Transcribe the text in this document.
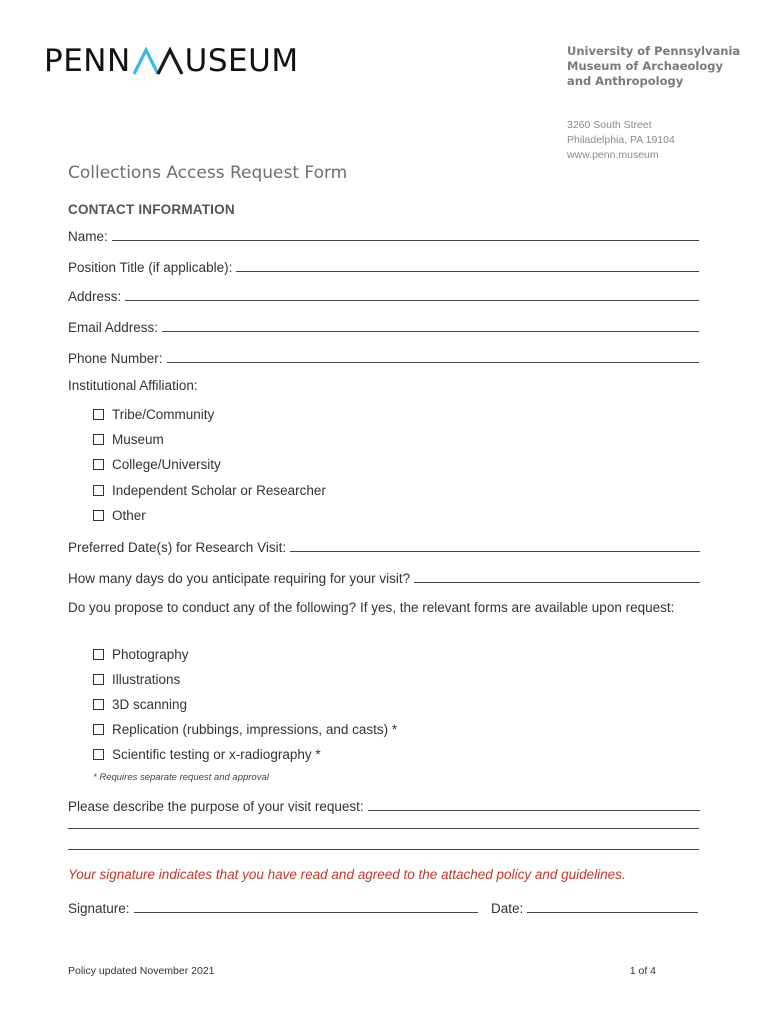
PENN USEUM	University of Pennsylvania
Museum of Archaeology
and Anthropology
3260 South Street
Philadelphia, PA 19104
www.penn.museum
Collections Access Request Form
CONTACT INFORMATION
Name:
Position Title (if applicable):
Address:
Email Address:
Phone Number:
Institutional Affiliation:
Tribe/Community
Museum
College/University
Independent Scholar or Researcher
Other
Preferred Date(s) for Research Visit:
How many days do you anticipate requiring for your visit?
Do you propose to conduct any of the following? If yes, the relevant forms are available upon request:
Photography
Illustrations
3D scanning
Replication (rubbings, impressions, and casts) *
Scientific testing or x-radiography *
* Requires separate request and approval
Please describe the purpose of your visit request:
Your signature indicates that you have read and agreed to the attached policy and guidelines.
Signature:	Date:
Policy updated November 2021	1 of 4
